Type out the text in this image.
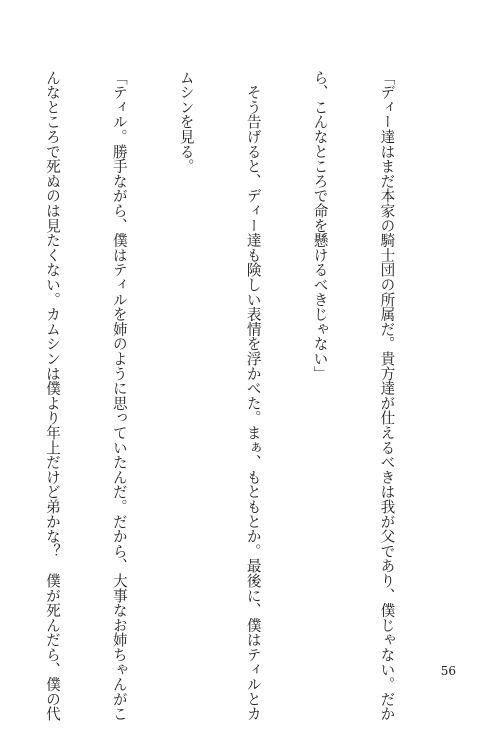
「ディー達はまだ本家の騎士団の所属だ。貴方達が仕えるべきは我が父であり、僕じゃない。だか

ら、こんなところで命を懸けるべきじゃない」

　そう告げると、ディー達も険しい表情を浮かべた。まぁ、もともとか。最後に、僕はティルとカ

ムシンを見る。

「ティル。勝手ながら、僕はティルを姉のように思っていたんだ。だから、大事なお姉ちゃんがこ

んなところで死ぬのは見たくない。カムシンは僕より年上だけど弟かな？　僕が死んだら、僕の代

	56
